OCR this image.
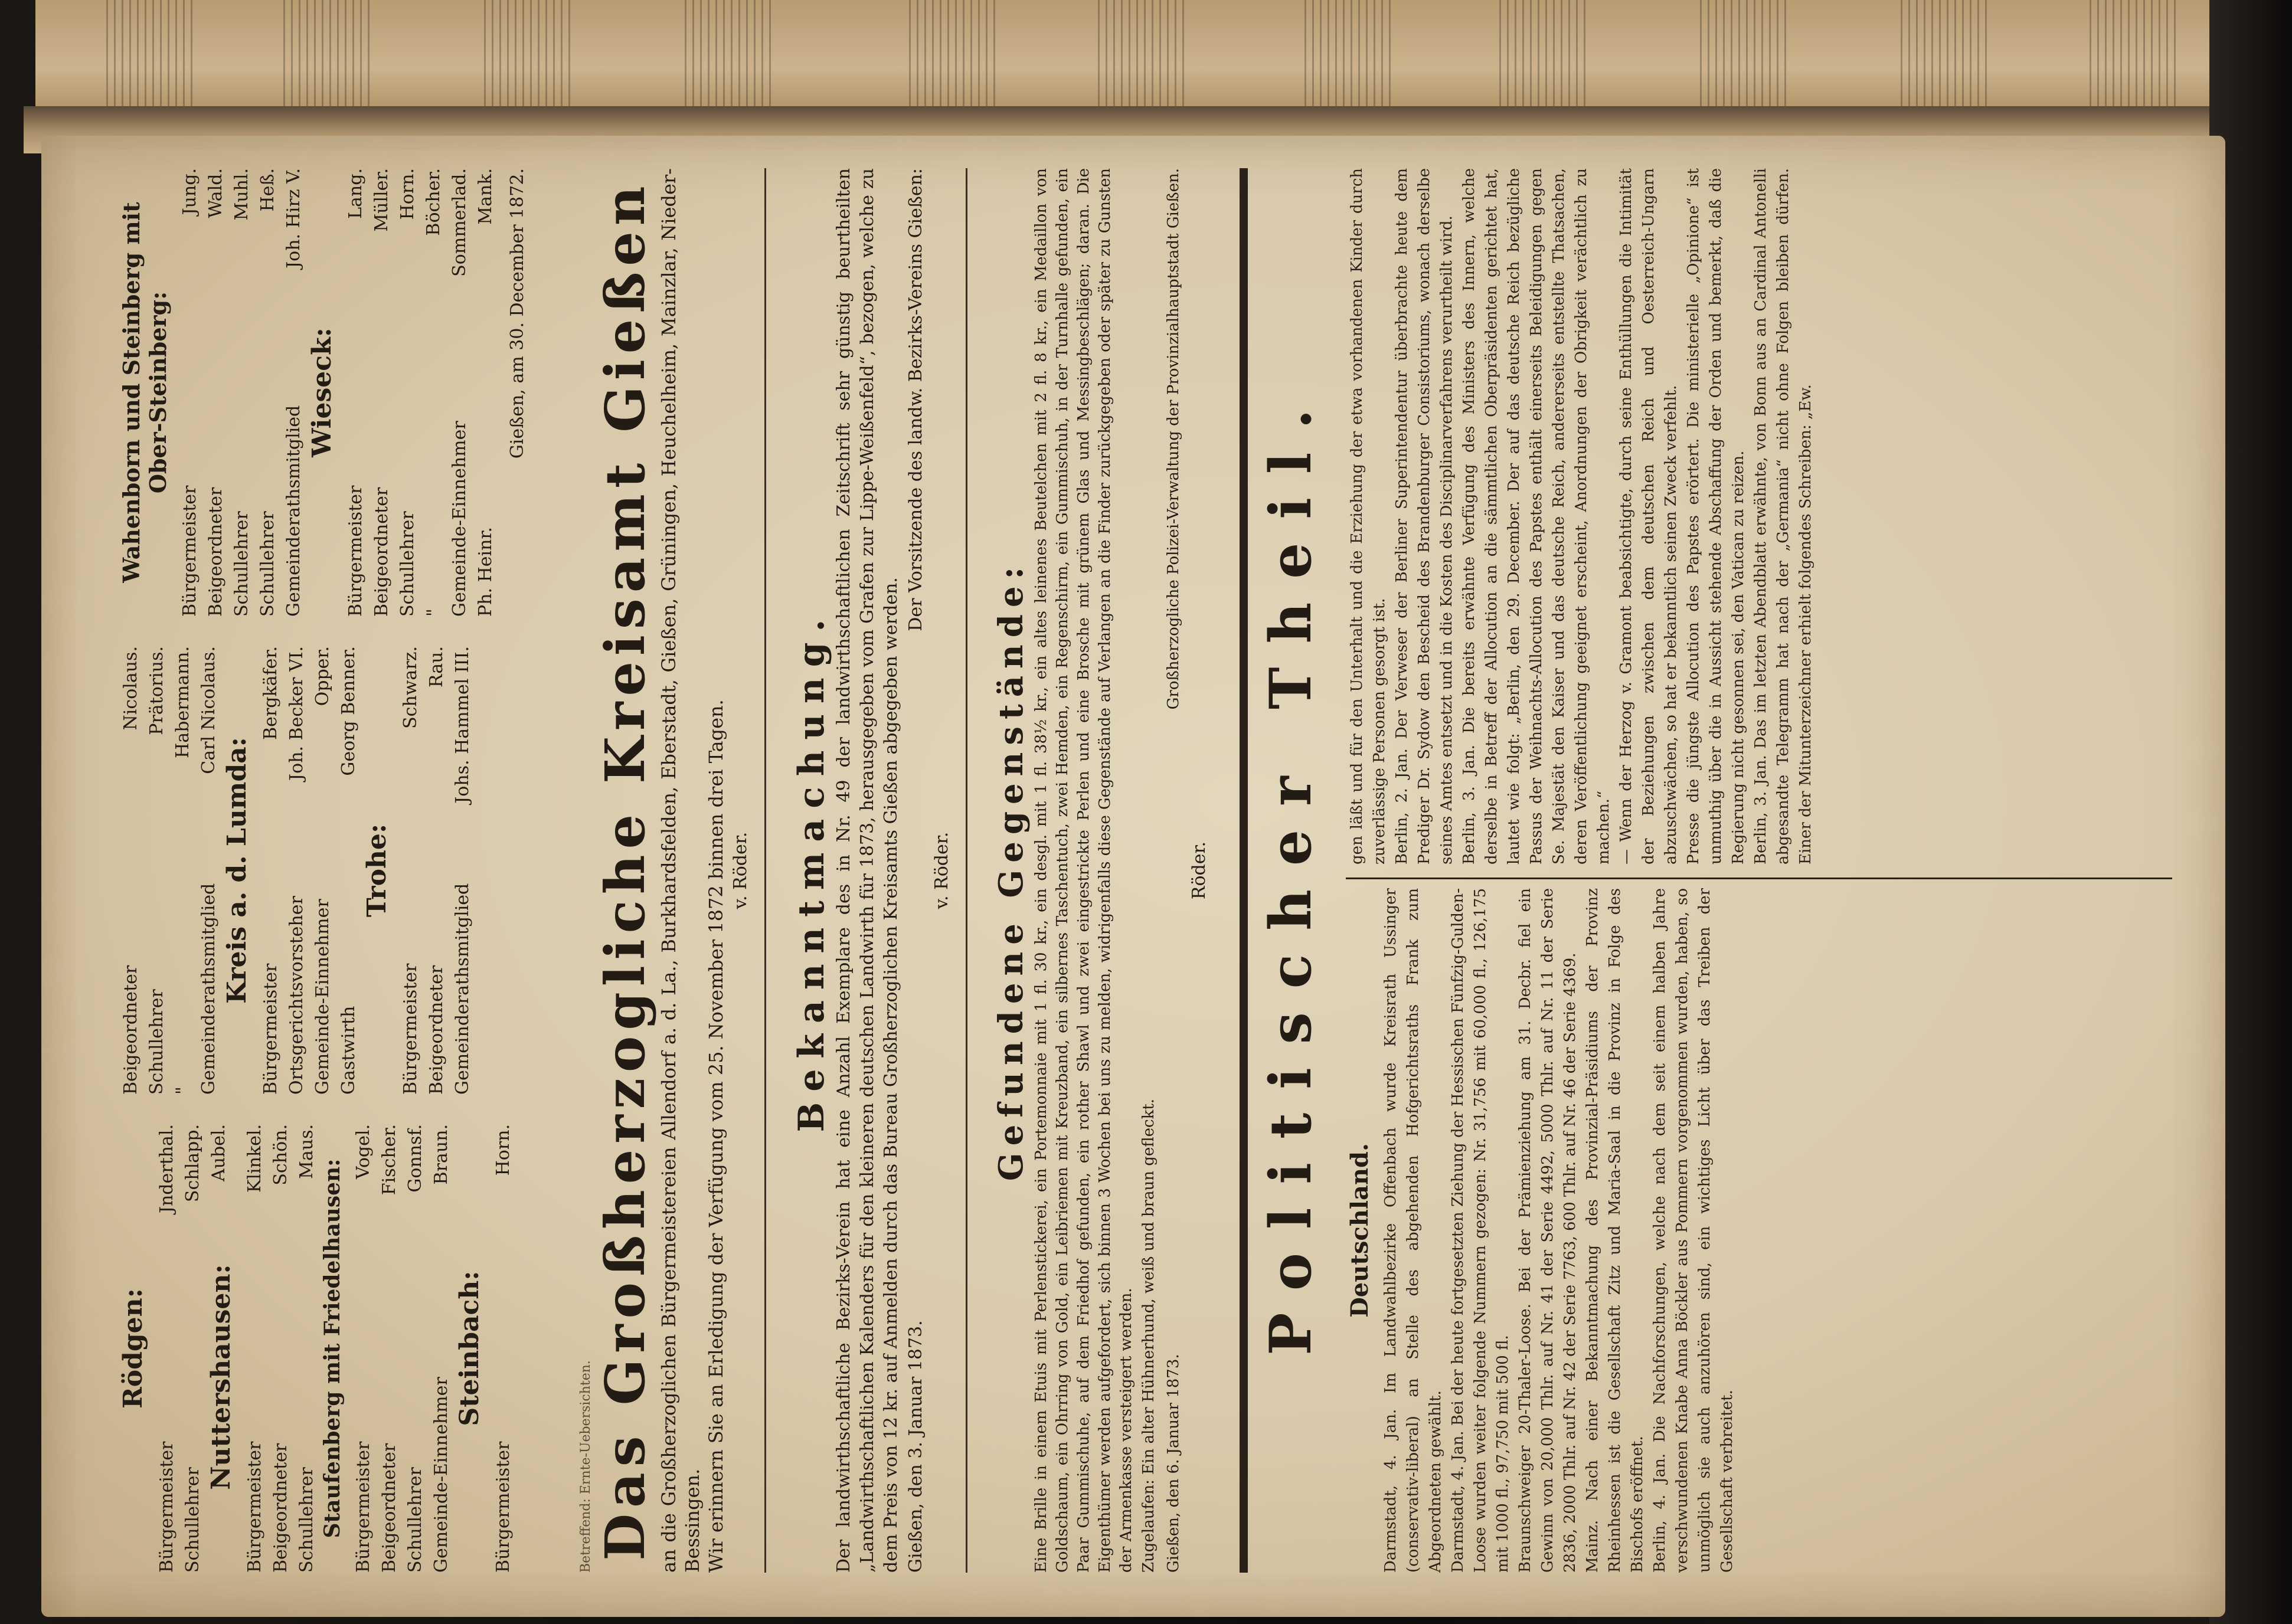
Rödgen:
Bürgermeister
Jnderthal.
Schullehrer
Schlapp. Aubel.
Nuttershausen:
Bürgermeister
Klinkel.
Beigeordneter
Schön.
Schullehrer
Maus.
Staufenberg mit Friedelhausen: Bürgermeister
Vogel.
Beigeordneter
Fischer.
Schullehrer
Gonnsf.
Gemeinde-Einnehmer
Braun.
Steinbach:
Bürgermeister
Horn.
Beigeordneter
Nicolaus.
Schullehrer
Prätorius.
"
Habermann.
Gemeinderathsmitglied
Carl Nicolaus.
Kreis a. d. Lumda:
Bürgermeister
Bergkäfer.
Ortsgerichtsvorsteher
Joh. Becker VI.
Gemeinde-Einnehmer
Opper.
Gastwirth
Georg Benner.
Trohe:
Bürgermeister
Schwarz.
Beigeordneter
Rau.
Gemeinderathsmitglied
Johs. Hammel III.
Wahenborn und Steinberg mit Ober-Steinberg:
Bürgermeister
Jung.
Beigeordneter
Wald.
Schullehrer
Muhl.
Schullehrer
Heß.
Gemeinderathsmitglied
Joh. Hirz V.
Wieseck:
Bürgermeister
Lang.
Beigeordneter
Müller.
Schullehrer
Horn.
"
Böcher.
Gemeinde-Einnehmer
Sommerlad.
Ph. Heinr.
Mank. Gießen, am 30. December 1872.
Betreffend: Ernte-Uebersichten. Das Großherzogliche Kreisamt Gießen an die Großherzoglichen Bürgermeistereien Allendorf a. d. La., Burkhardsfelden, Eberstadt, Gießen, Grüningen, Heuchelheim, Mainzlar, Nieder-Bessingen. Wir erinnern Sie an Erledigung der Verfügung vom 25. November 1872 binnen drei Tagen. v. Röder. Bekanntmachung. Der landwirthschaftliche Bezirks-Verein hat eine Anzahl Exemplare des in Nr. 49 der landwirthschaftlichen Zeitschrift sehr günstig beurtheilten „Landwirthschaftlichen Kalenders für den kleineren deutschen Landwirth für 1873, herausgegeben vom Grafen zur Lippe-Weißenfeld“, bezogen, welche zu dem Preis von 12 kr. auf Anmelden durch das Bureau Großherzoglichen Kreisamts Gießen abgegeben werden. Gießen, den 3. Januar 1873.
Der Vorsitzende des landw. Bezirks-Vereins Gießen:
v. Röder. Gefundene Gegenstände: Eine Brille in einem Etuis mit Perlenstickerei, ein Portemonnaie mit 1 fl. 30 kr., ein desgl. mit 1 fl. 38½ kr., ein altes leinenes Beutelchen mit 2 fl. 8 kr., ein Medaillon von Goldschaum, ein Ohrring von Gold, ein Leibriemen mit Kreuzband, ein silbernes Taschentuch, zwei Hemden, ein Regenschirm, ein Gummischuh, in der Turnhalle gefunden, ein Paar Gummischuhe, auf dem Friedhof gefunden, ein rother Shawl und zwei eingestrickte Perlen und eine Brosche mit grünem Glas und Messingbeschlägen; daran. Die Eigenthümer werden aufgefordert, sich binnen 3 Wochen bei uns zu melden, widrigenfalls diese Gegenstände auf Verlangen an die Finder zurückgegeben oder später zu Gunsten der Armenkasse versteigert werden. Zugelaufen: Ein alter Hühnerhund, weiß und braun gefleckt. Gießen, den 6. Januar 1873.
Großherzogliche Polizei-Verwaltung der Provinzialhauptstadt Gießen.
Röder. Politischer Theil. Deutschland. Darmstadt, 4. Jan. Im Landwahlbezirke Offenbach wurde Kreisrath Ussinger (conservativ-liberal) an Stelle des abgehenden Hofgerichtsraths Frank zum Abgeordneten gewählt. Darmstadt, 4. Jan. Bei der heute fortgesetzten Ziehung der Hessischen Fünfzig-Gulden-Loose wurden weiter folgende Nummern gezogen: Nr. 31,756 mit 60,000 fl., 126,175 mit 1000 fl., 97,750 mit 500 fl. Braunschweiger 20-Thaler-Loose. Bei der Prämienziehung am 31. Decbr. fiel ein Gewinn von 20,000 Thlr. auf Nr. 41 der Serie 4492, 5000 Thlr. auf Nr. 11 der Serie 2836, 2000 Thlr. auf Nr. 42 der Serie 7763, 600 Thlr. auf Nr. 46 der Serie 4369. Mainz. Nach einer Bekanntmachung des Provinzial-Präsidiums der Provinz Rheinhessen ist die Gesellschaft Zitz und Maria-Saal in die Provinz in Folge des Bischofs eröffnet. Berlin, 4. Jan. Die Nachforschungen, welche nach dem seit einem halben Jahre verschwundenen Knabe Anna Böckler aus Pommern vorgenommen wurden, haben, so unmöglich sie auch anzuhören sind, ein wichtiges Licht über das Treiben der Gesellschaft verbreitet.
gen läßt und für den Unterhalt und die Erziehung der etwa vorhandenen Kinder durch zuverlässige Personen gesorgt ist. Berlin, 2. Jan. Der Verweser der Berliner Superintendentur überbrachte heute dem Prediger Dr. Sydow den Bescheid des Brandenburger Consistoriums, wonach derselbe seines Amtes entsetzt und in die Kosten des Disciplinarverfahrens verurtheilt wird. Berlin, 3. Jan. Die bereits erwähnte Verfügung des Ministers des Innern, welche derselbe in Betreff der Allocution an die sämmtlichen Oberpräsidenten gerichtet hat, lautet wie folgt: „Berlin, den 29. December. Der auf das deutsche Reich bezügliche Passus der Weihnachts-Allocution des Papstes enthält einerseits Beleidigungen gegen Se. Majestät den Kaiser und das deutsche Reich, andererseits entstellte Thatsachen, deren Veröffentlichung geeignet erscheint, Anordnungen der Obrigkeit verächtlich zu machen.“ — Wenn der Herzog v. Gramont beabsichtigte, durch seine Enthüllungen die Intimität der Beziehungen zwischen dem deutschen Reich und Oesterreich-Ungarn abzuschwächen, so hat er bekanntlich seinen Zweck verfehlt. Presse die jüngste Allocution des Papstes erörtert. Die ministerielle „Opinione“ ist unmuthig über die in Aussicht stehende Abschaffung der Orden und bemerkt, daß die Regierung nicht gesonnen sei, den Vatican zu reizen. Berlin, 3. Jan. Das im letzten Abendblatt erwähnte, von Bonn aus an Cardinal Antonelli abgesandte Telegramm hat nach der „Germania“ nicht ohne Folgen bleiben dürfen. Einer der Mitunterzeichner erhielt folgendes Schreiben: „Ew.
